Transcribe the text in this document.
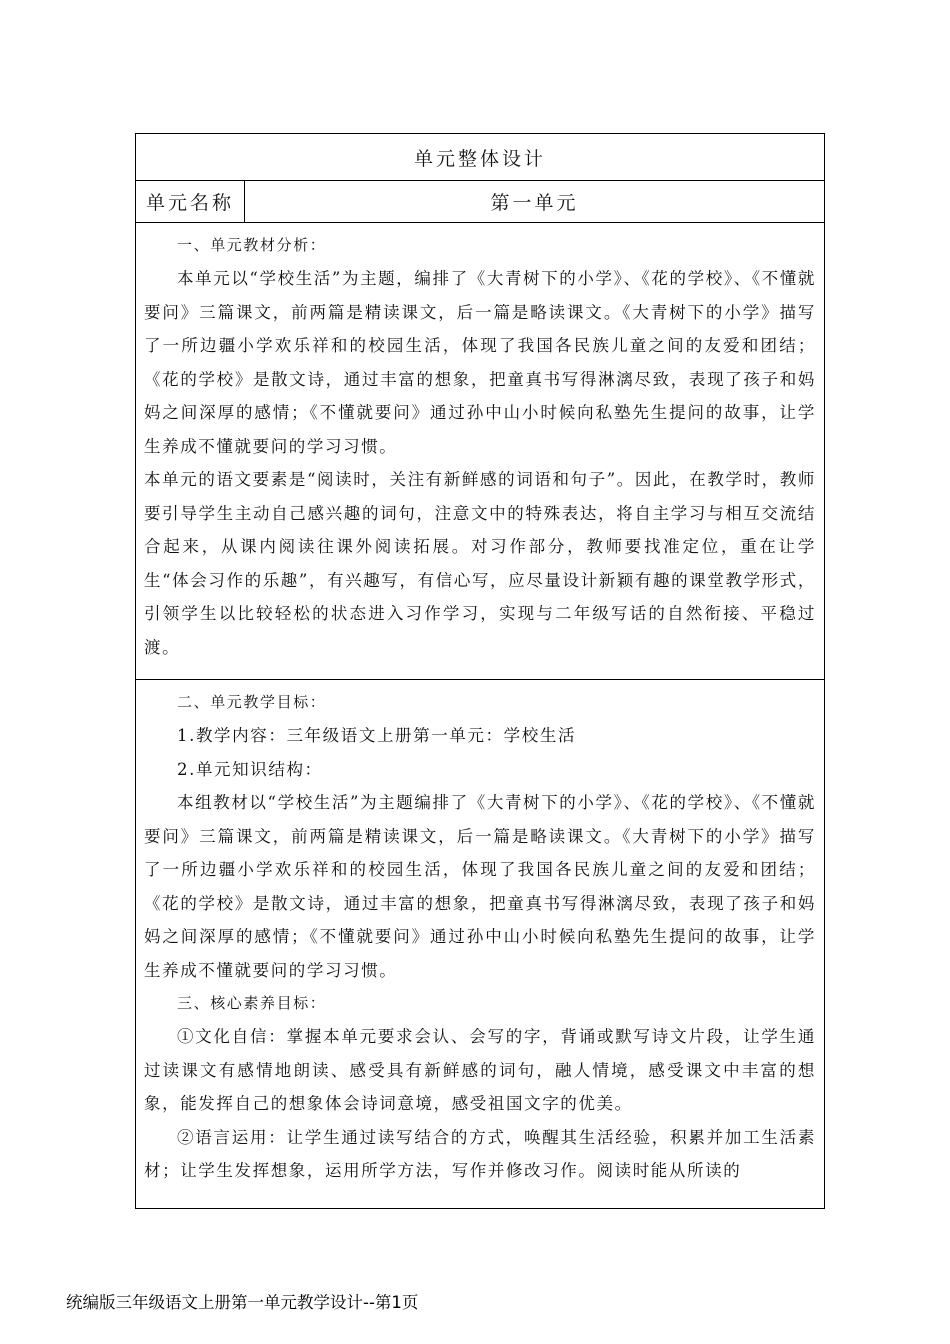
单元整体设计
单元名称	第一单元
一、单元教材分析：

本单元以“学校生活”为主题，编排了《大青树下的小学》、《花的学校》、《不懂就要问》三篇课文，前两篇是精读课文，后一篇是略读课文。《大青树下的小学》描写了一所边疆小学欢乐祥和的校园生活，体现了我国各民族儿童之间的友爱和团结；《花的学校》是散文诗，通过丰富的想象，把童真书写得淋漓尽致，表现了孩子和妈妈之间深厚的感情；《不懂就要问》通过孙中山小时候向私塾先生提问的故事，让学生养成不懂就要问的学习习惯。

本单元的语文要素是“阅读时，关注有新鲜感的词语和句子”。因此，在教学时，教师要引导学生主动自己感兴趣的词句，注意文中的特殊表达，将自主学习与相互交流结合起来，从课内阅读往课外阅读拓展。对习作部分，教师要找准定位，重在让学生“体会习作的乐趣”，有兴趣写，有信心写，应尽量设计新颖有趣的课堂教学形式，引领学生以比较轻松的状态进入习作学习，实现与二年级写话的自然衔接、平稳过渡。

二、单元教学目标：
1.教学内容：三年级语文上册第一单元：学校生活
2.单元知识结构：

本组教材以“学校生活”为主题编排了《大青树下的小学》、《花的学校》、《不懂就要问》三篇课文，前两篇是精读课文，后一篇是略读课文。《大青树下的小学》描写了一所边疆小学欢乐祥和的校园生活，体现了我国各民族儿童之间的友爱和团结；《花的学校》是散文诗，通过丰富的想象，把童真书写得淋漓尽致，表现了孩子和妈妈之间深厚的感情；《不懂就要问》通过孙中山小时候向私塾先生提问的故事，让学生养成不懂就要问的学习习惯。

三、核心素养目标：

①文化自信：掌握本单元要求会认、会写的字，背诵或默写诗文片段，让学生通过读课文有感情地朗读、感受具有新鲜感的词句，融人情境，感受课文中丰富的想象，能发挥自己的想象体会诗词意境，感受祖国文字的优美。

②语言运用：让学生通过读写结合的方式，唤醒其生活经验，积累并加工生活素材；让学生发挥想象，运用所学方法，写作并修改习作。阅读时能从所读的

统编版三年级语文上册第一单元教学设计--第1页
